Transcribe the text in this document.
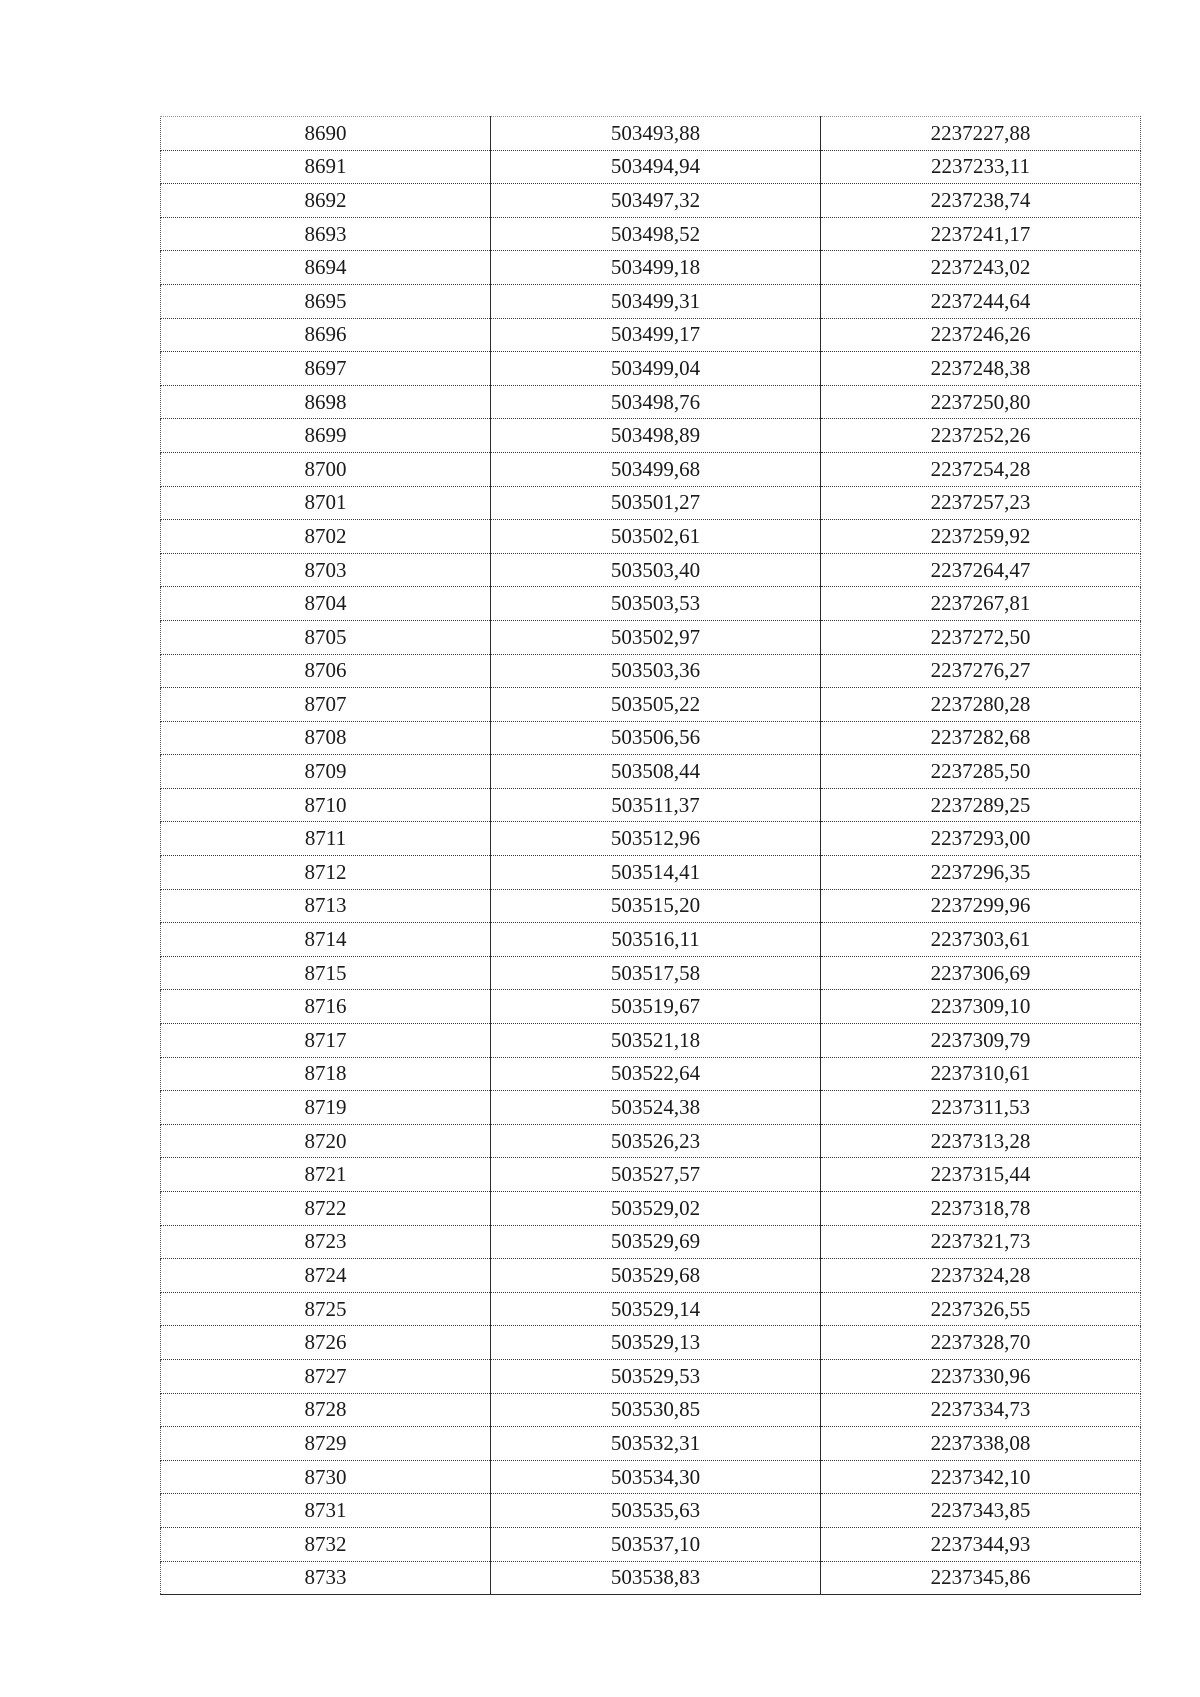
8690	503493,88	2237227,88
8691	503494,94	2237233,11
8692	503497,32	2237238,74
8693	503498,52	2237241,17
8694	503499,18	2237243,02
8695	503499,31	2237244,64
8696	503499,17	2237246,26
8697	503499,04	2237248,38
8698	503498,76	2237250,80
8699	503498,89	2237252,26
8700	503499,68	2237254,28
8701	503501,27	2237257,23
8702	503502,61	2237259,92
8703	503503,40	2237264,47
8704	503503,53	2237267,81
8705	503502,97	2237272,50
8706	503503,36	2237276,27
8707	503505,22	2237280,28
8708	503506,56	2237282,68
8709	503508,44	2237285,50
8710	503511,37	2237289,25
8711	503512,96	2237293,00
8712	503514,41	2237296,35
8713	503515,20	2237299,96
8714	503516,11	2237303,61
8715	503517,58	2237306,69
8716	503519,67	2237309,10
8717	503521,18	2237309,79
8718	503522,64	2237310,61
8719	503524,38	2237311,53
8720	503526,23	2237313,28
8721	503527,57	2237315,44
8722	503529,02	2237318,78
8723	503529,69	2237321,73
8724	503529,68	2237324,28
8725	503529,14	2237326,55
8726	503529,13	2237328,70
8727	503529,53	2237330,96
8728	503530,85	2237334,73
8729	503532,31	2237338,08
8730	503534,30	2237342,10
8731	503535,63	2237343,85
8732	503537,10	2237344,93
8733	503538,83	2237345,86
